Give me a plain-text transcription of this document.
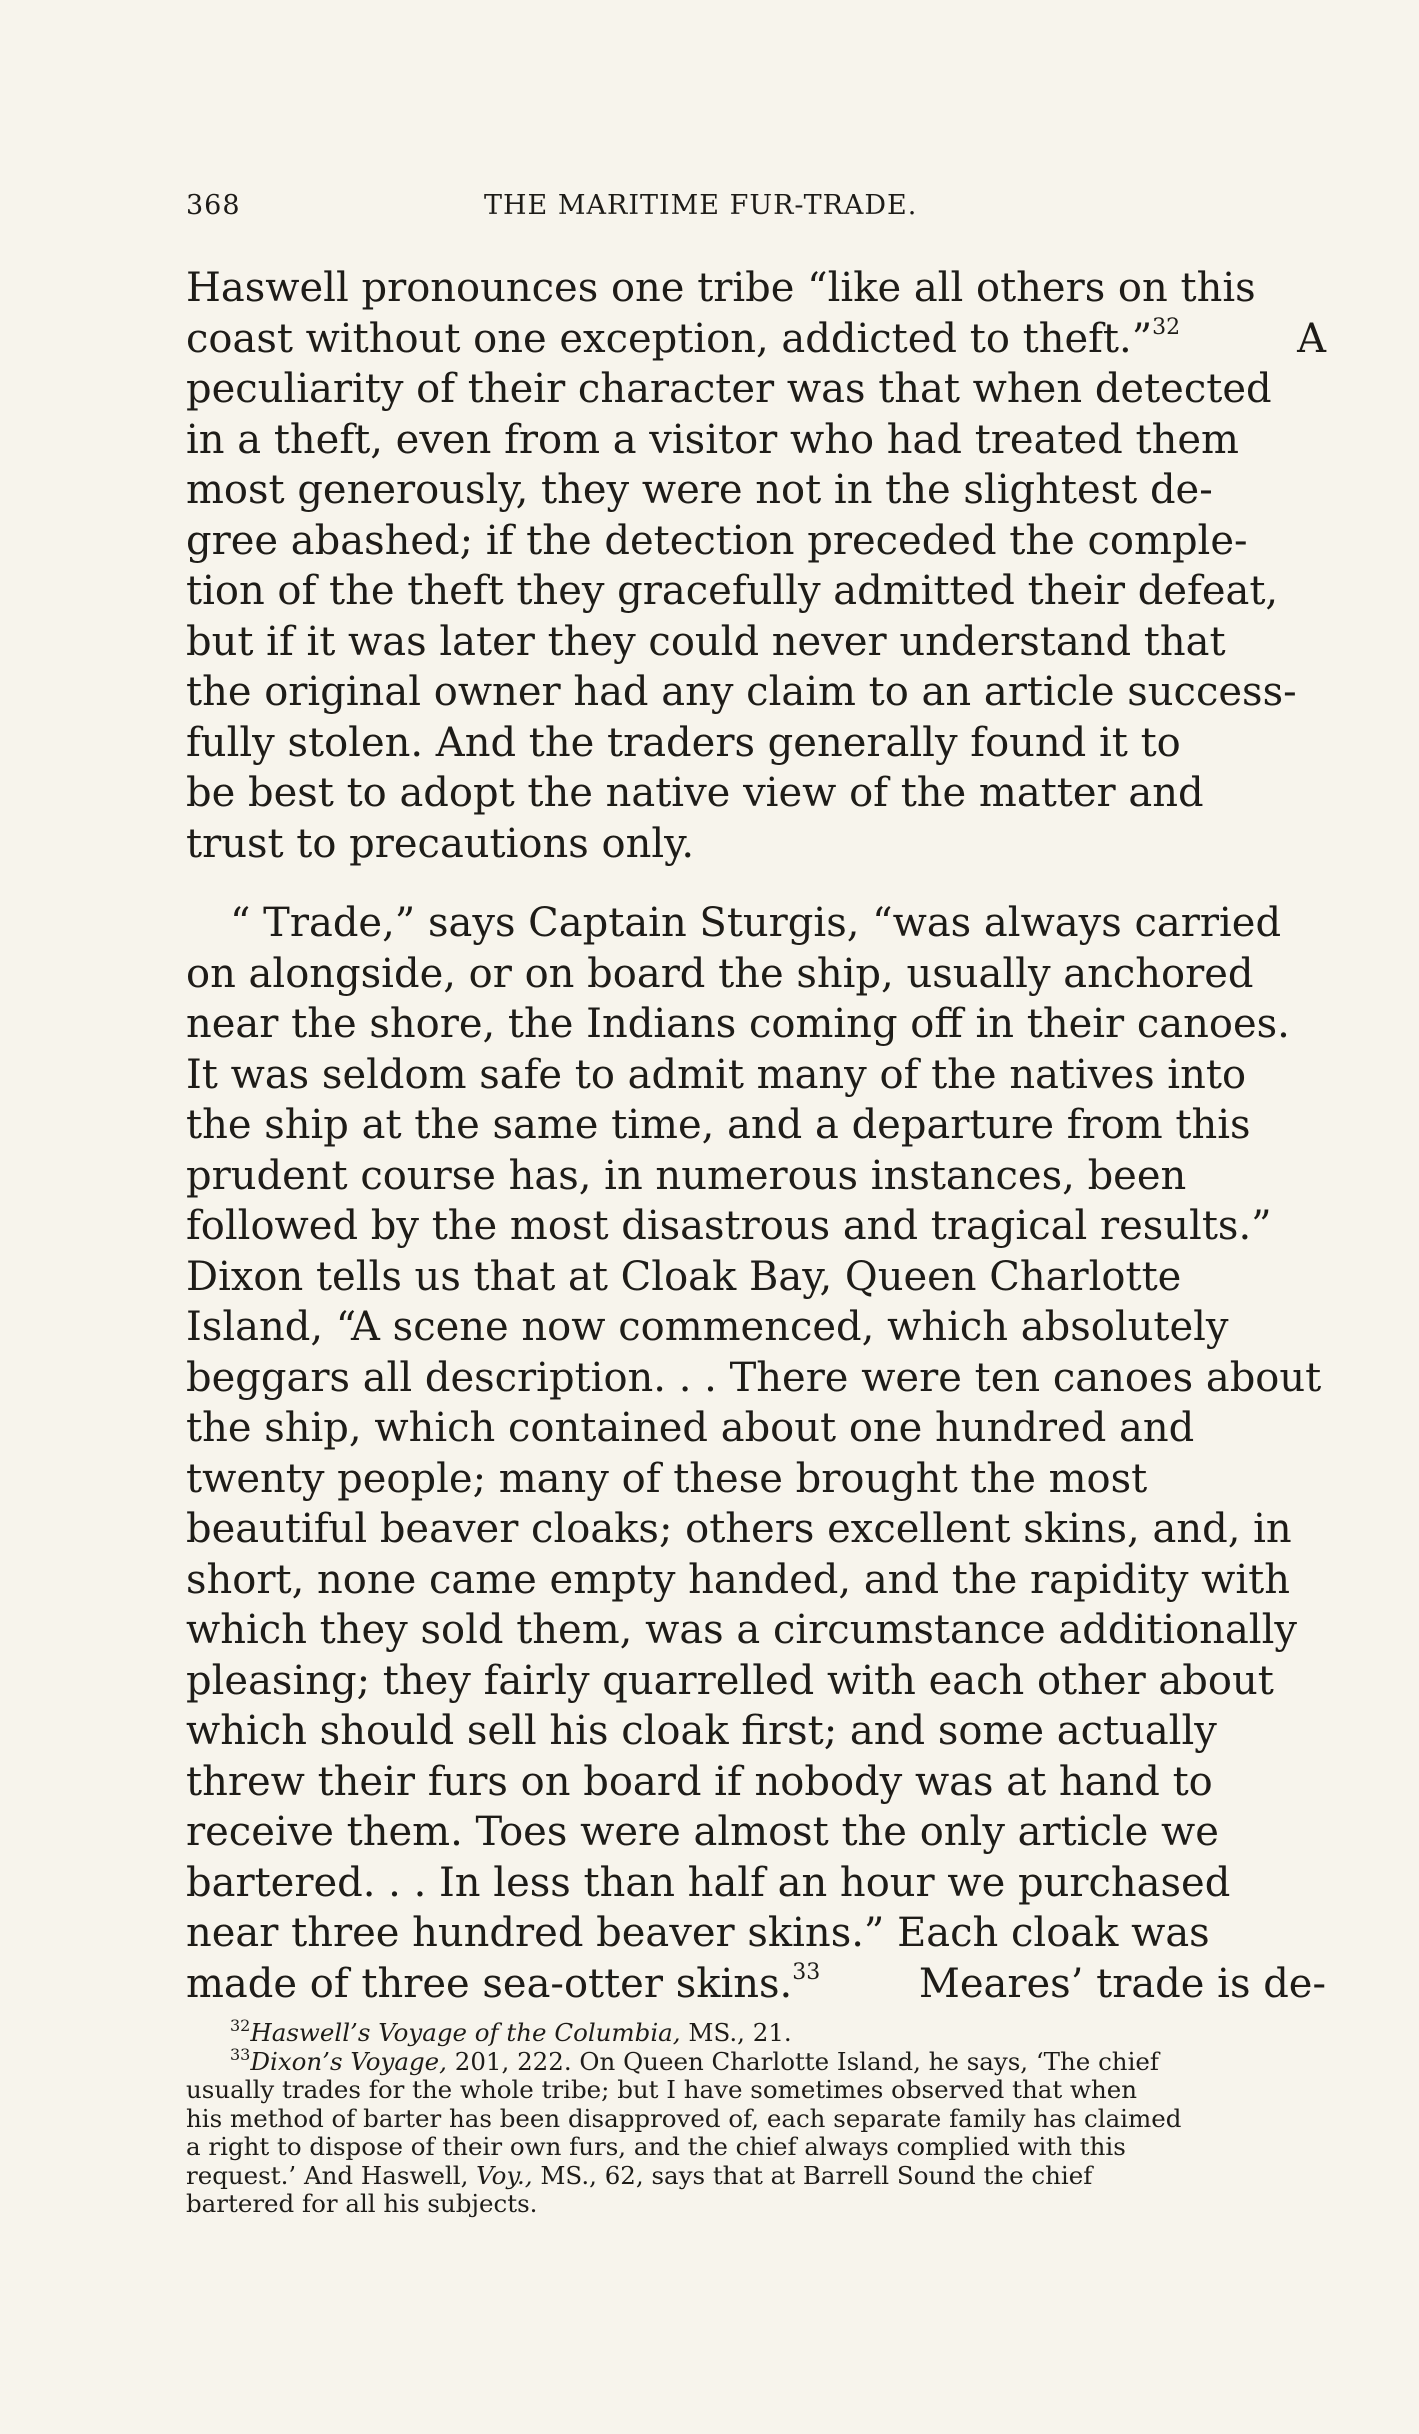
368	THE MARITIME FUR-TRADE.
Haswell pronounces one tribe “like all others on this
coast without one exception, addicted to theft.”$^{32}$	A
peculiarity of their character was that when detected
in a theft, even from a visitor who had treated them
most generously, they were not in the slightest de-
gree abashed; if the detection preceded the comple-
tion of the theft they gracefully admitted their defeat,
but if it was later they could never understand that
the original owner had any claim to an article success-
fully stolen. And the traders generally found it to
be best to adopt the native view of the matter and
trust to precautions only.
“ Trade,” says Captain Sturgis, “was always carried
on alongside, or on board the ship, usually anchored
near the shore, the Indians coming off in their canoes.
It was seldom safe to admit many of the natives into
the ship at the same time, and a departure from this
prudent course has, in numerous instances, been
followed by the most disastrous and tragical results.”
Dixon tells us that at Cloak Bay, Queen Charlotte
Island, “A scene now commenced, which absolutely
beggars all description. . . There were ten canoes about
the ship, which contained about one hundred and
twenty people; many of these brought the most
beautiful beaver cloaks; others excellent skins, and, in
short, none came empty handed, and the rapidity with
which they sold them, was a circumstance additionally
pleasing; they fairly quarrelled with each other about
which should sell his cloak first; and some actually
threw their furs on board if nobody was at hand to
receive them. Toes were almost the only article we
bartered. . . In less than half an hour we purchased
near three hundred beaver skins.” Each cloak was
made of three sea-otter skins.$^{33}$ Meares’ trade is de-
$^{32}$Haswell’s Voyage of the Columbia, MS., 21.
$^{33}$Dixon’s Voyage, 201, 222. On Queen Charlotte Island, he says, ‘The chief
usually trades for the whole tribe; but I have sometimes observed that when
his method of barter has been disapproved of, each separate family has claimed
a right to dispose of their own furs, and the chief always complied with this
request.’ And Haswell, Voy., MS., 62, says that at Barrell Sound the chief
bartered for all his subjects.
